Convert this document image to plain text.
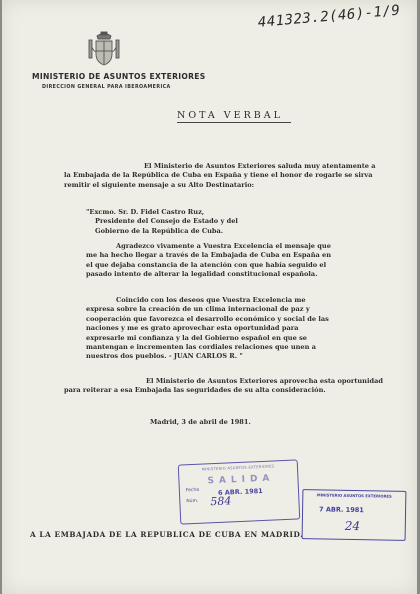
441323.2(46)-1/9
MINISTERIO DE ASUNTOS EXTERIORES
DIRECCION GENERAL PARA IBEROAMERICA
NOTA VERBAL
El Ministerio de Asuntos Exteriores saluda muy atentamente a la Embajada de la República de Cuba en España y tiene el honor de rogarle se sirva remitir el siguiente mensaje a su Alto Destinatario:
"Excmo. Sr. D. Fidel Castro Ruz,
Presidente del Consejo de Estado y del
Gobierno de la República de Cuba.
Agradezco vivamente a Vuestra Excelencia el mensaje que me ha hecho llegar a través de la Embajada de Cuba en España en el que dejaba constancia de la atención con que había seguido el pasado intento de alterar la legalidad constitucional española.
Coincido con los deseos que Vuestra Excelencia me expresa sobre la creación de un clima internacional de paz y cooperación que favorezca el desarrollo económico y social de las naciones y me es grato aprovechar esta oportunidad para expresarle mi confianza y la del Gobierno español en que se mantengan e incrementen las cordiales relaciones que unen a nuestros dos pueblos. - JUAN CARLOS R. "
El Ministerio de Asuntos Exteriores aprovecha esta oportunidad para reiterar a esa Embajada las seguridades de su alta consideración.
Madrid, 3 de abril de 1981.
A LA EMBAJADA DE LA REPUBLICA DE CUBA EN MADRID.
MINISTERIO ASUNTOS EXTERIORES
SALIDA
Fecha	6 ABR. 1981
Núm. 584	MINISTERIO ASUNTOS EXTERIORES
7 ABR. 1981
24
